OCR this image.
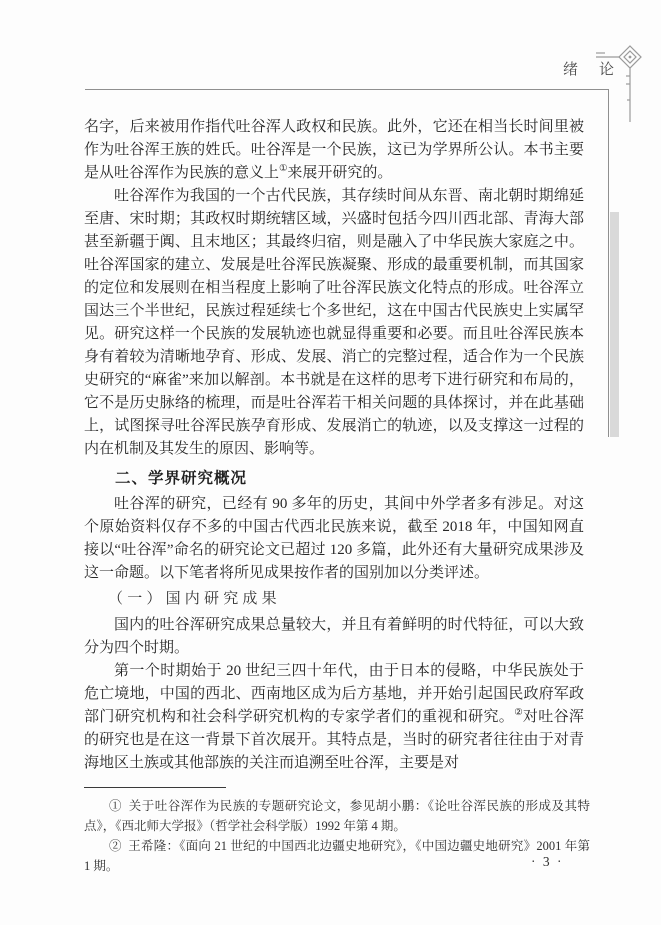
绪 论

名字，后来被用作指代吐谷浑人政权和民族。此外，它还在相当长时间里被作为吐谷浑王族的姓氏。吐谷浑是一个民族，这已为学界所公认。本书主要是从吐谷浑作为民族的意义上①来展开研究的。

吐谷浑作为我国的一个古代民族，其存续时间从东晋、南北朝时期绵延至唐、宋时期；其政权时期统辖区域，兴盛时包括今四川西北部、青海大部甚至新疆于阗、且末地区；其最终归宿，则是融入了中华民族大家庭之中。吐谷浑国家的建立、发展是吐谷浑民族凝聚、形成的最重要机制，而其国家的定位和发展则在相当程度上影响了吐谷浑民族文化特点的形成。吐谷浑立国达三个半世纪，民族过程延续七个多世纪，这在中国古代民族史上实属罕见。研究这样一个民族的发展轨迹也就显得重要和必要。而且吐谷浑民族本身有着较为清晰地孕育、形成、发展、消亡的完整过程，适合作为一个民族史研究的“麻雀”来加以解剖。本书就是在这样的思考下进行研究和布局的，它不是历史脉络的梳理，而是吐谷浑若干相关问题的具体探讨，并在此基础上，试图探寻吐谷浑民族孕育形成、发展消亡的轨迹，以及支撑这一过程的内在机制及其发生的原因、影响等。

二、学界研究概况

吐谷浑的研究，已经有 90 多年的历史，其间中外学者多有涉足。对这个原始资料仅存不多的中国古代西北民族来说，截至 2018 年，中国知网直接以“吐谷浑”命名的研究论文已超过 120 多篇，此外还有大量研究成果涉及这一命题。以下笔者将所见成果按作者的国别加以分类评述。

（一）国内研究成果

国内的吐谷浑研究成果总量较大，并且有着鲜明的时代特征，可以大致分为四个时期。

第一个时期始于 20 世纪三四十年代，由于日本的侵略，中华民族处于危亡境地，中国的西北、西南地区成为后方基地，并开始引起国民政府军政部门研究机构和社会科学研究机构的专家学者们的重视和研究。②对吐谷浑的研究也是在这一背景下首次展开。其特点是，当时的研究者往往由于对青海地区土族或其他部族的关注而追溯至吐谷浑，主要是对

① 关于吐谷浑作为民族的专题研究论文，参见胡小鹏：《论吐谷浑民族的形成及其特点》，《西北师大学报》（哲学社会科学版）1992 年第 4 期。

② 王希隆：《面向 21 世纪的中国西北边疆史地研究》，《中国边疆史地研究》2001 年第 1 期。	· 3 ·
